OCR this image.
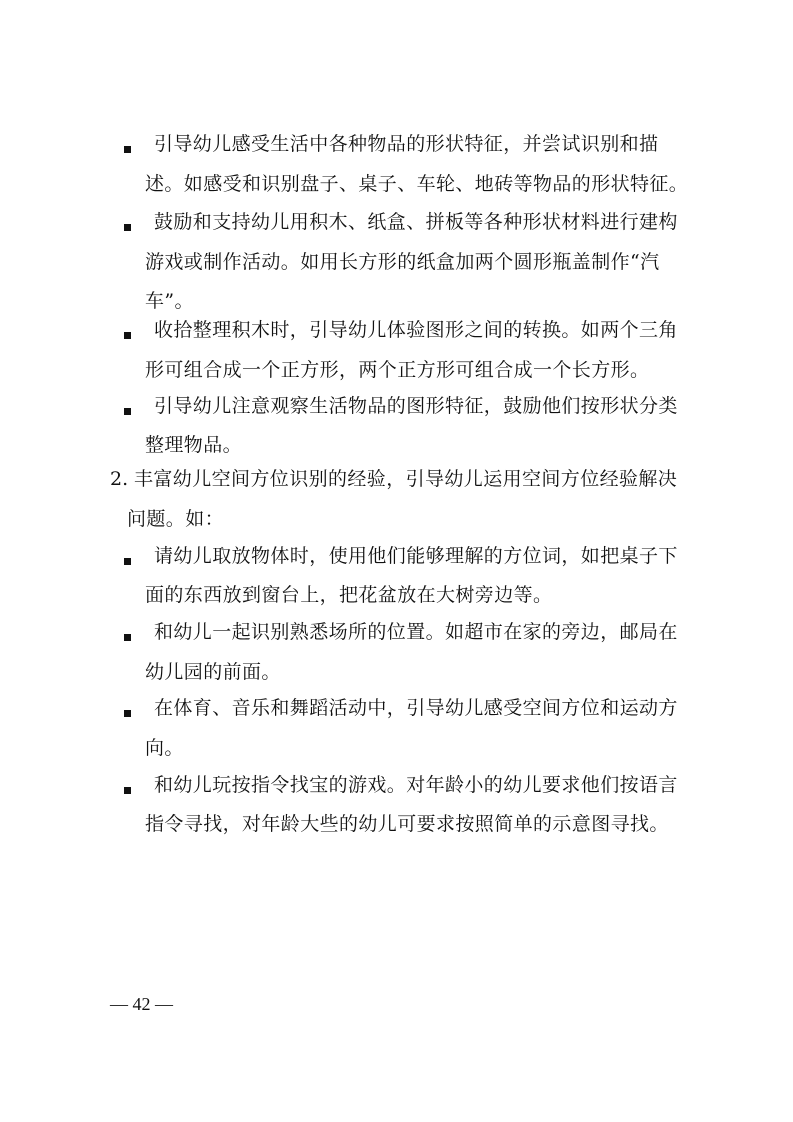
引导幼儿感受生活中各种物品的形状特征，并尝试识别和描
述。如感受和识别盘子、桌子、车轮、地砖等物品的形状特征。
鼓励和支持幼儿用积木、纸盒、拼板等各种形状材料进行建构
游戏或制作活动。如用长方形的纸盒加两个圆形瓶盖制作“汽
车”。
收拾整理积木时，引导幼儿体验图形之间的转换。如两个三角
形可组合成一个正方形，两个正方形可组合成一个长方形。
引导幼儿注意观察生活物品的图形特征，鼓励他们按形状分类
整理物品。
2. 丰富幼儿空间方位识别的经验，引导幼儿运用空间方位经验解决
问题。如：
请幼儿取放物体时，使用他们能够理解的方位词，如把桌子下
面的东西放到窗台上，把花盆放在大树旁边等。
和幼儿一起识别熟悉场所的位置。如超市在家的旁边，邮局在
幼儿园的前面。
在体育、音乐和舞蹈活动中，引导幼儿感受空间方位和运动方
向。
和幼儿玩按指令找宝的游戏。对年龄小的幼儿要求他们按语言
指令寻找，对年龄大些的幼儿可要求按照简单的示意图寻找。
— 42 —
